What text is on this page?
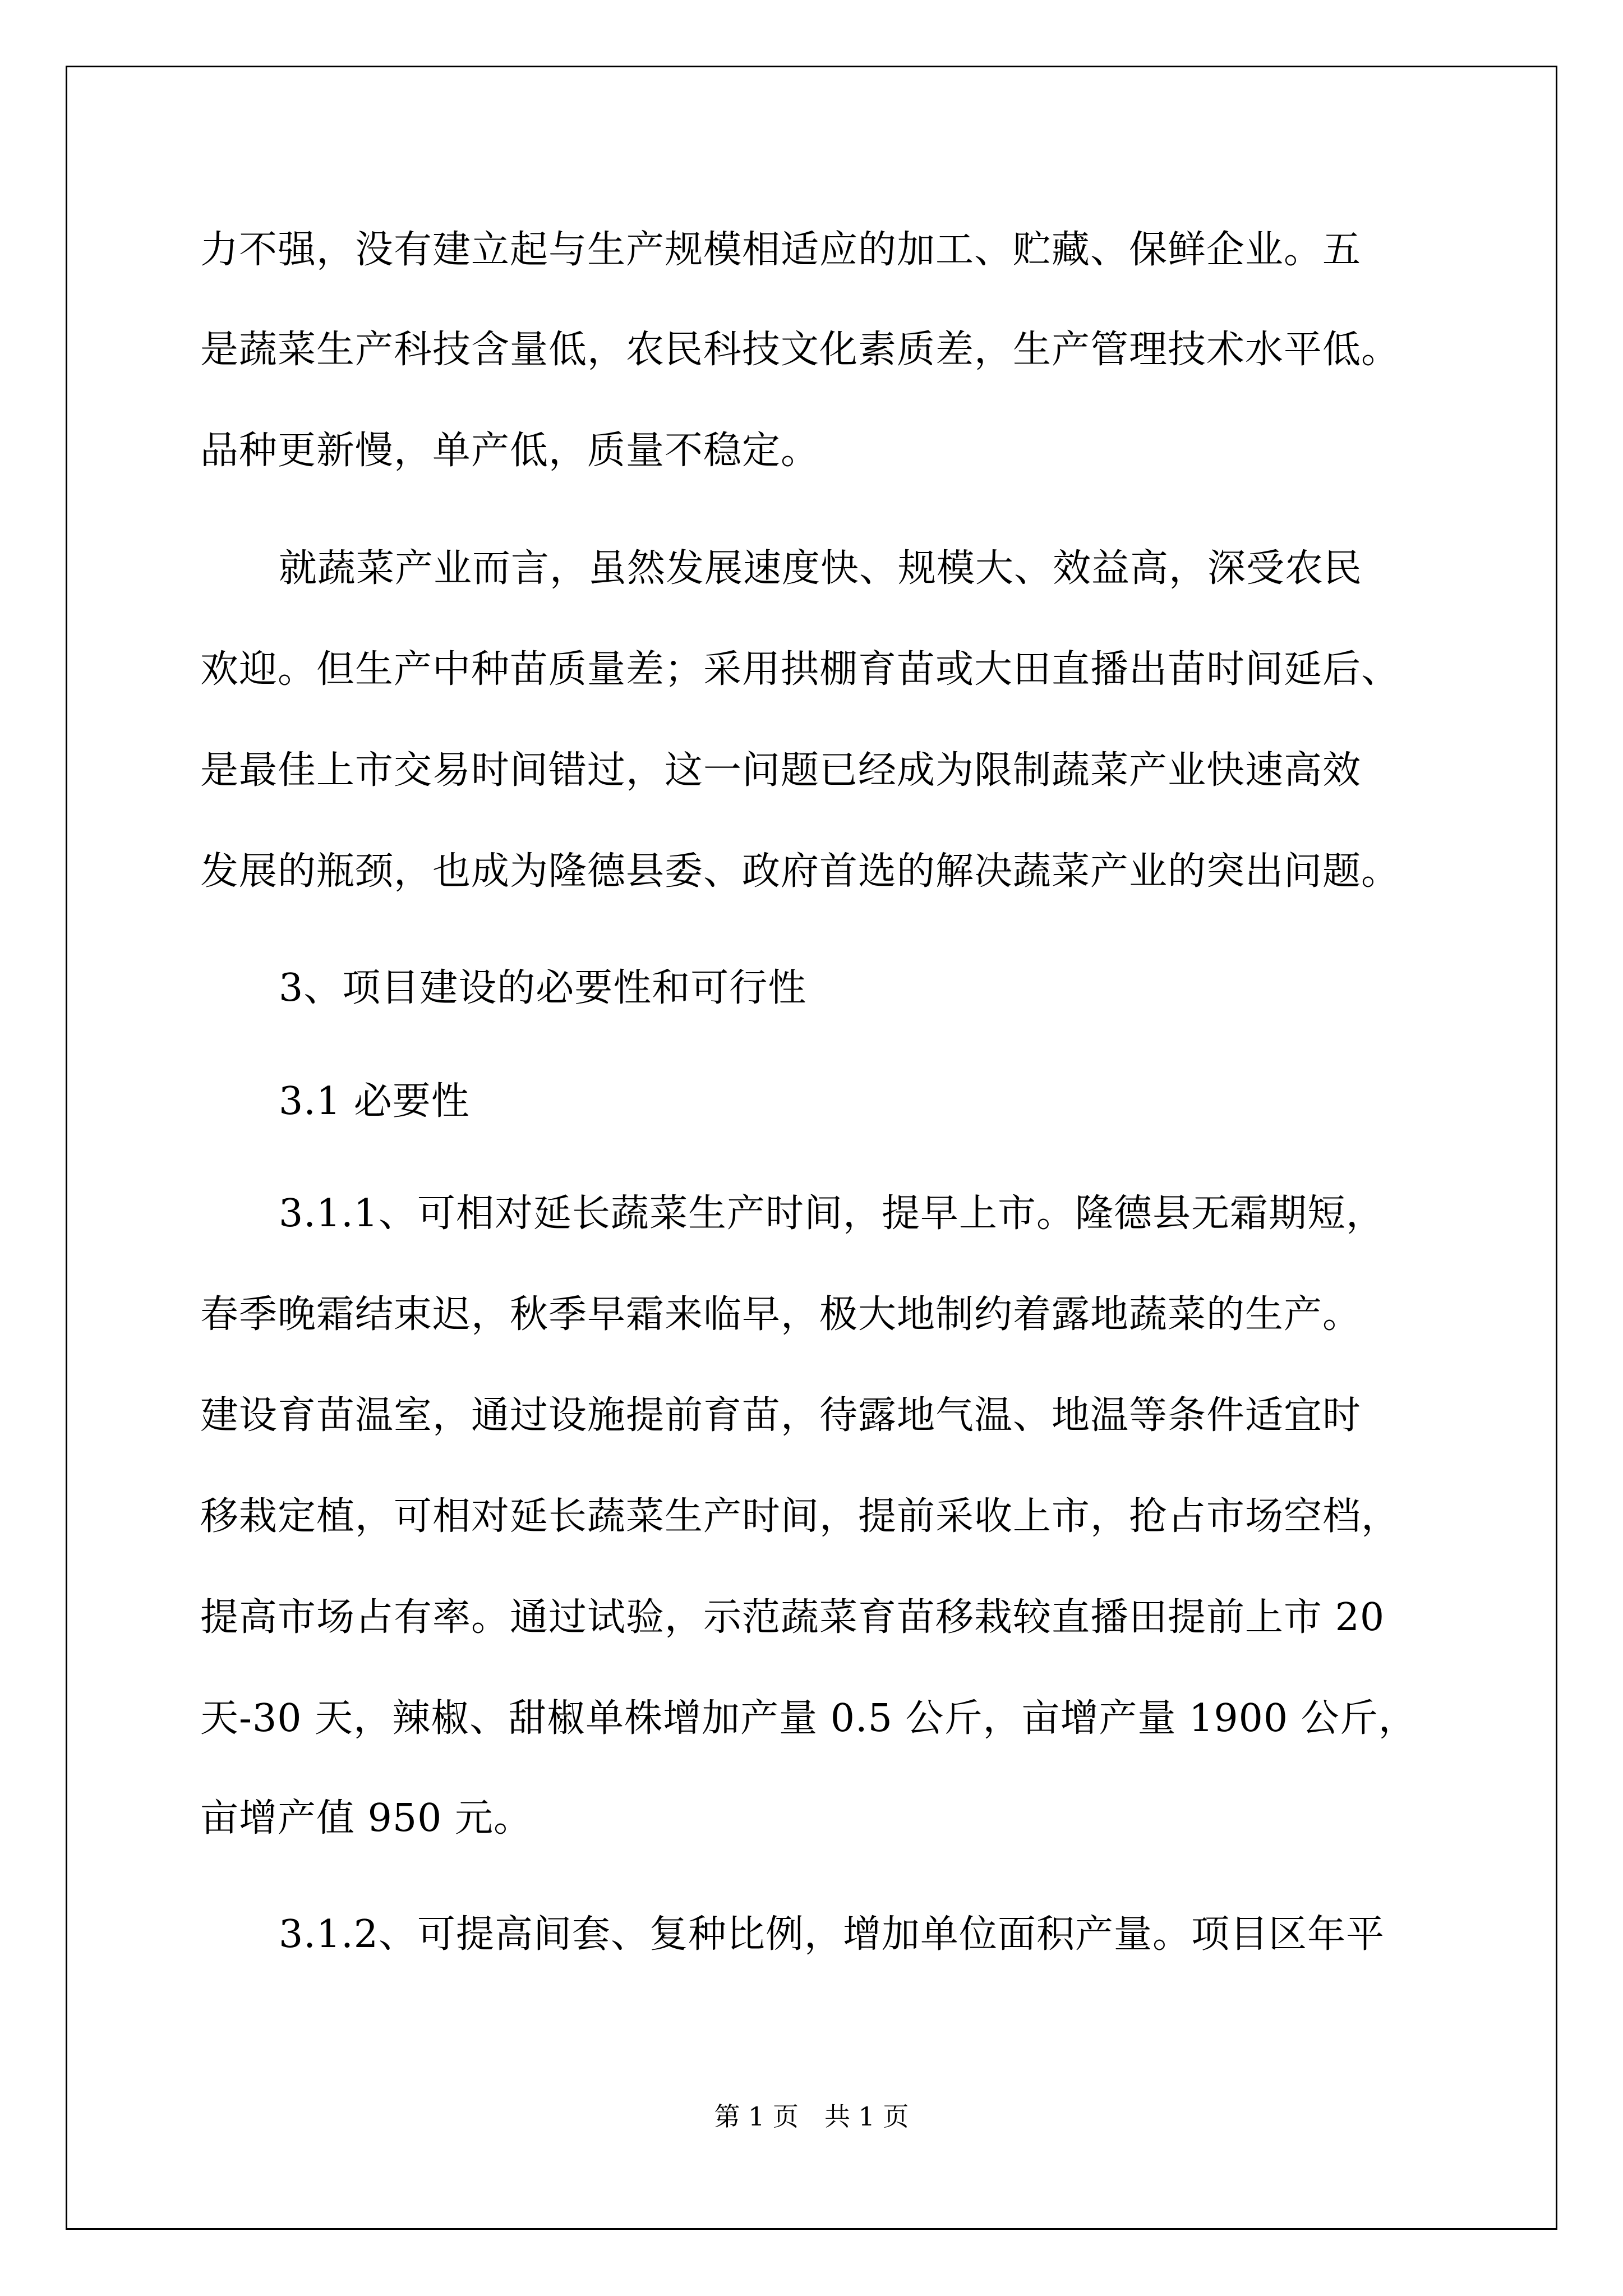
力不强，没有建立起与生产规模相适应的加工、贮藏、保鲜企业。五
是蔬菜生产科技含量低，农民科技文化素质差，生产管理技术水平低。
品种更新慢，单产低，质量不稳定。
就蔬菜产业而言，虽然发展速度快、规模大、效益高，深受农民
欢迎。但生产中种苗质量差；采用拱棚育苗或大田直播出苗时间延后、
是最佳上市交易时间错过，这一问题已经成为限制蔬菜产业快速高效
发展的瓶颈，也成为隆德县委、政府首选的解决蔬菜产业的突出问题。
3、项目建设的必要性和可行性
3.1 必要性
3.1.1、可相对延长蔬菜生产时间，提早上市。隆德县无霜期短，
春季晚霜结束迟，秋季早霜来临早，极大地制约着露地蔬菜的生产。
建设育苗温室，通过设施提前育苗，待露地气温、地温等条件适宜时
移栽定植，可相对延长蔬菜生产时间，提前采收上市，抢占市场空档，
提高市场占有率。通过试验，示范蔬菜育苗移栽较直播田提前上市 20
天-30 天，辣椒、甜椒单株增加产量 0.5 公斤，亩增产量 1900 公斤，
亩增产值 950 元。
3.1.2、可提高间套、复种比例，增加单位面积产量。项目区年平
第 1 页　共 1 页
